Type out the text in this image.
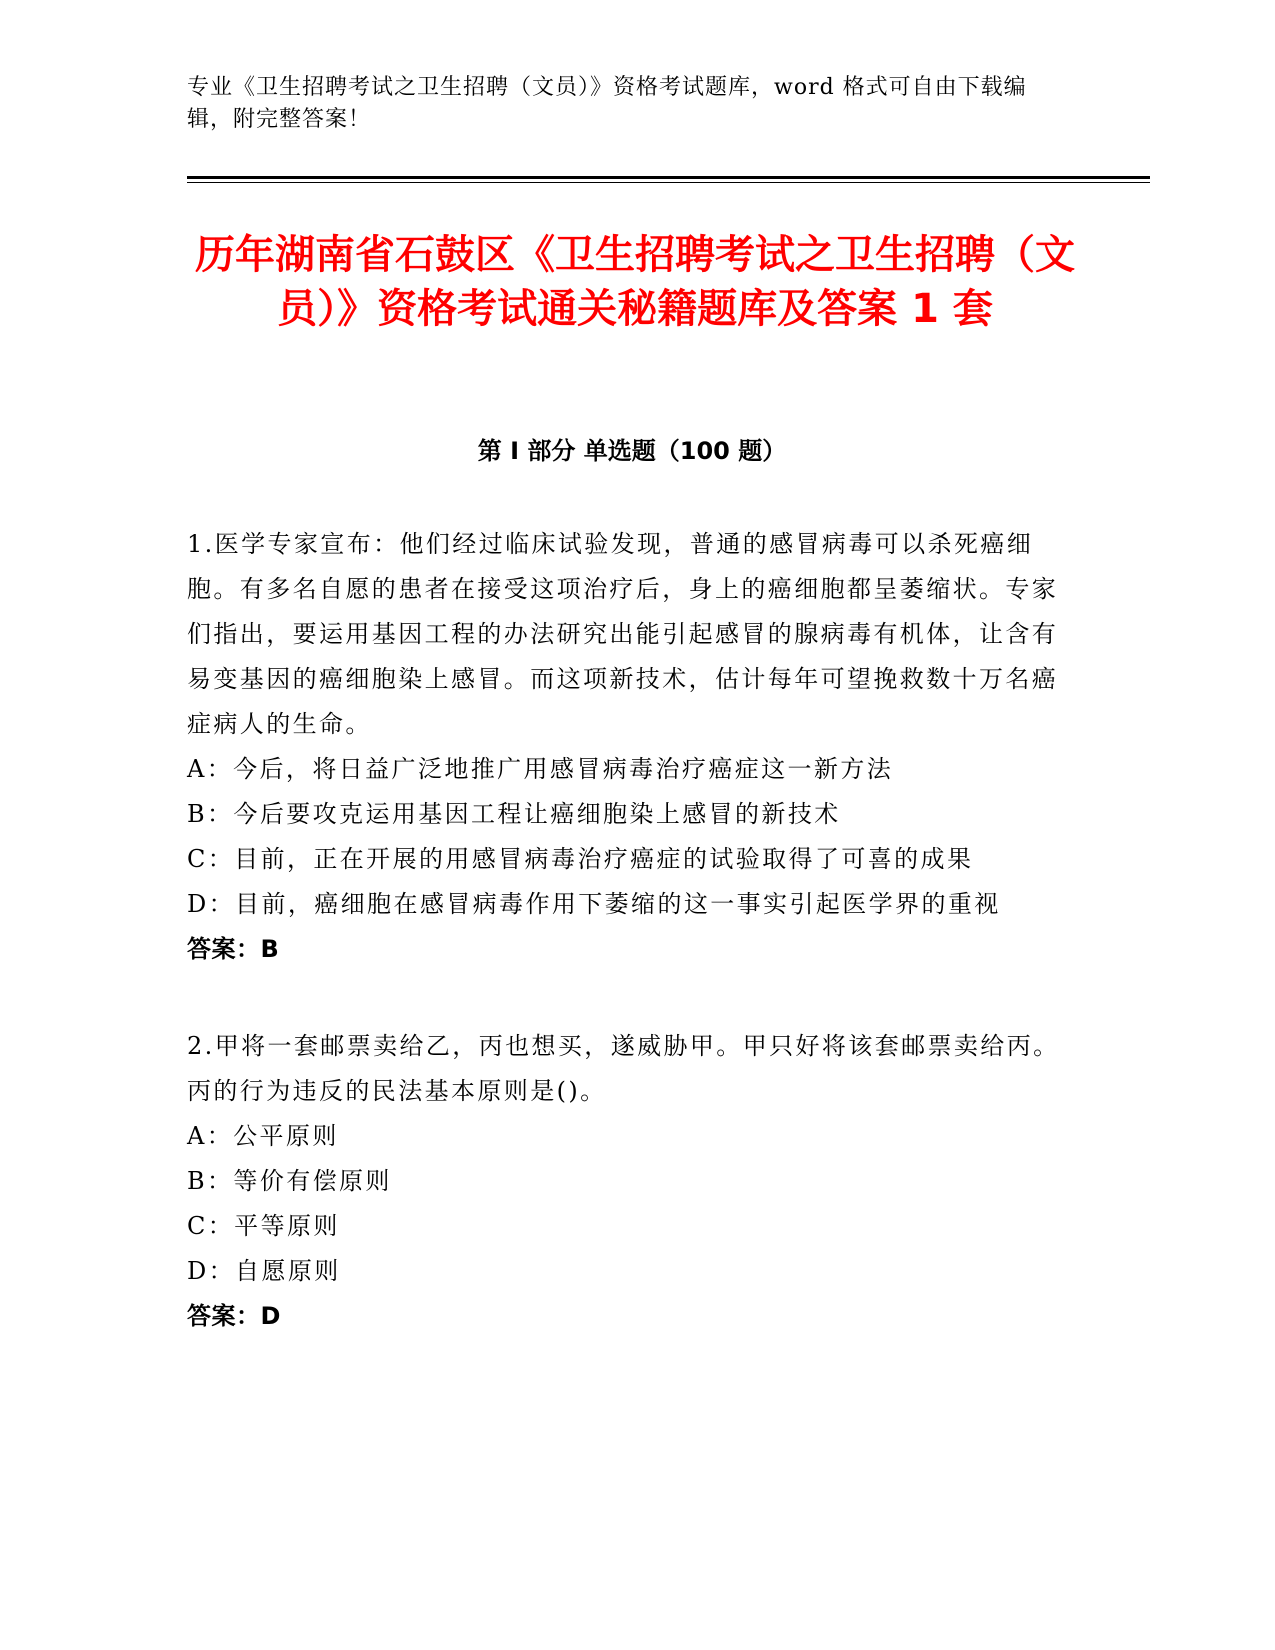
专业《卫生招聘考试之卫生招聘（文员）》资格考试题库，word 格式可自由下载编辑，附完整答案！
历年湖南省石鼓区《卫生招聘考试之卫生招聘（文员）》资格考试通关秘籍题库及答案 1 套
第 I 部分 单选题（100 题）

1.医学专家宣布：他们经过临床试验发现，普通的感冒病毒可以杀死癌细胞。有多名自愿的患者在接受这项治疗后，身上的癌细胞都呈萎缩状。专家们指出，要运用基因工程的办法研究出能引起感冒的腺病毒有机体，让含有易变基因的癌细胞染上感冒。而这项新技术，估计每年可望挽救数十万名癌症病人的生命。

A：今后，将日益广泛地推广用感冒病毒治疗癌症这一新方法

B：今后要攻克运用基因工程让癌细胞染上感冒的新技术

C：目前，正在开展的用感冒病毒治疗癌症的试验取得了可喜的成果

D：目前，癌细胞在感冒病毒作用下萎缩的这一事实引起医学界的重视

答案：B

2.甲将一套邮票卖给乙，丙也想买，遂威胁甲。甲只好将该套邮票卖给丙。丙的行为违反的民法基本原则是()。

A：公平原则

B：等价有偿原则

C：平等原则

D：自愿原则

答案：D
